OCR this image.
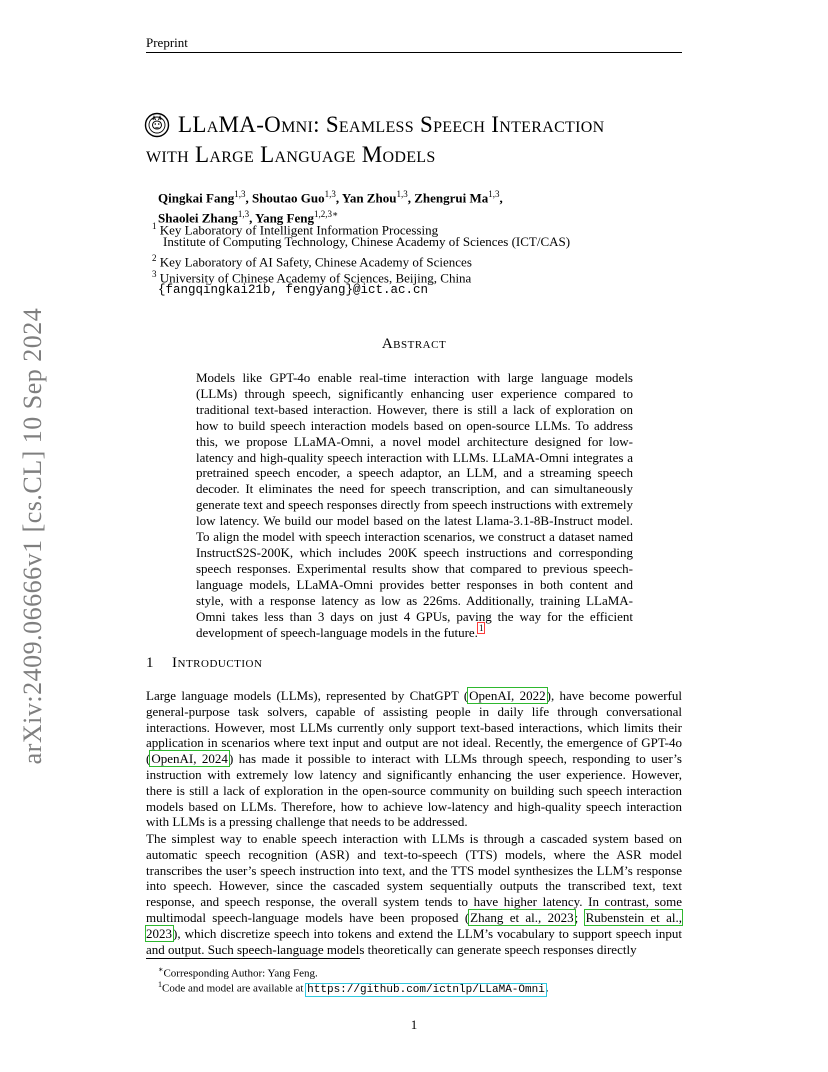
Preprint
arXiv:2409.06666v1 [cs.CL] 10 Sep 2024
LLaMA-Omni: Seamless Speech Interaction
with Large Language Models
Qingkai Fang$^{1,3}$, Shoutao Guo$^{1,3}$, Yan Zhou$^{1,3}$, Zhengrui Ma$^{1,3}$,
Shaolei Zhang$^{1,3}$, Yang Feng$^{1,2,3∗}$
$^1$ Key Laboratory of Intelligent Information Processing
Institute of Computing Technology, Chinese Academy of Sciences (ICT/CAS)
$^2$ Key Laboratory of AI Safety, Chinese Academy of Sciences
$^3$ University of Chinese Academy of Sciences, Beijing, China
{fangqingkai21b, fengyang}@ict.ac.cn
Abstract
Models like GPT-4o enable real-time interaction with large language models (LLMs) through speech, significantly enhancing user experience compared to traditional text-based interaction. However, there is still a lack of exploration on how to build speech interaction models based on open-source LLMs. To address this, we propose LLaMA-Omni, a novel model architecture designed for low-latency and high-quality speech interaction with LLMs. LLaMA-Omni integrates a pretrained speech encoder, a speech adaptor, an LLM, and a streaming speech decoder. It eliminates the need for speech transcription, and can simultaneously generate text and speech responses directly from speech instructions with extremely low latency. We build our model based on the latest Llama-3.1-8B-Instruct model. To align the model with speech interaction scenarios, we construct a dataset named InstructS2S-200K, which includes 200K speech instructions and corresponding speech responses. Experimental results show that compared to previous speech-language models, LLaMA-Omni provides better responses in both content and style, with a response latency as low as 226ms. Additionally, training LLaMA-Omni takes less than 3 days on just 4 GPUs, paving the way for the efficient development of speech-language models in the future.$^1$
1 Introduction
Large language models (LLMs), represented by ChatGPT (OpenAI, 2022), have become powerful general-purpose task solvers, capable of assisting people in daily life through conversational interactions. However, most LLMs currently only support text-based interactions, which limits their application in scenarios where text input and output are not ideal. Recently, the emergence of GPT-4o (OpenAI, 2024) has made it possible to interact with LLMs through speech, responding to user’s instruction with extremely low latency and significantly enhancing the user experience. However, there is still a lack of exploration in the open-source community on building such speech interaction models based on LLMs. Therefore, how to achieve low-latency and high-quality speech interaction with LLMs is a pressing challenge that needs to be addressed.
The simplest way to enable speech interaction with LLMs is through a cascaded system based on automatic speech recognition (ASR) and text-to-speech (TTS) models, where the ASR model transcribes the user’s speech instruction into text, and the TTS model synthesizes the LLM’s response into speech. However, since the cascaded system sequentially outputs the transcribed text, text response, and speech response, the overall system tends to have higher latency. In contrast, some multimodal speech-language models have been proposed (Zhang et al., 2023; Rubenstein et al., 2023), which discretize speech into tokens and extend the LLM’s vocabulary to support speech input and output. Such speech-language models theoretically can generate speech responses directly
∗Corresponding Author: Yang Feng.
$^1$Code and model are available at https://github.com/ictnlp/LLaMA-Omni.
1
